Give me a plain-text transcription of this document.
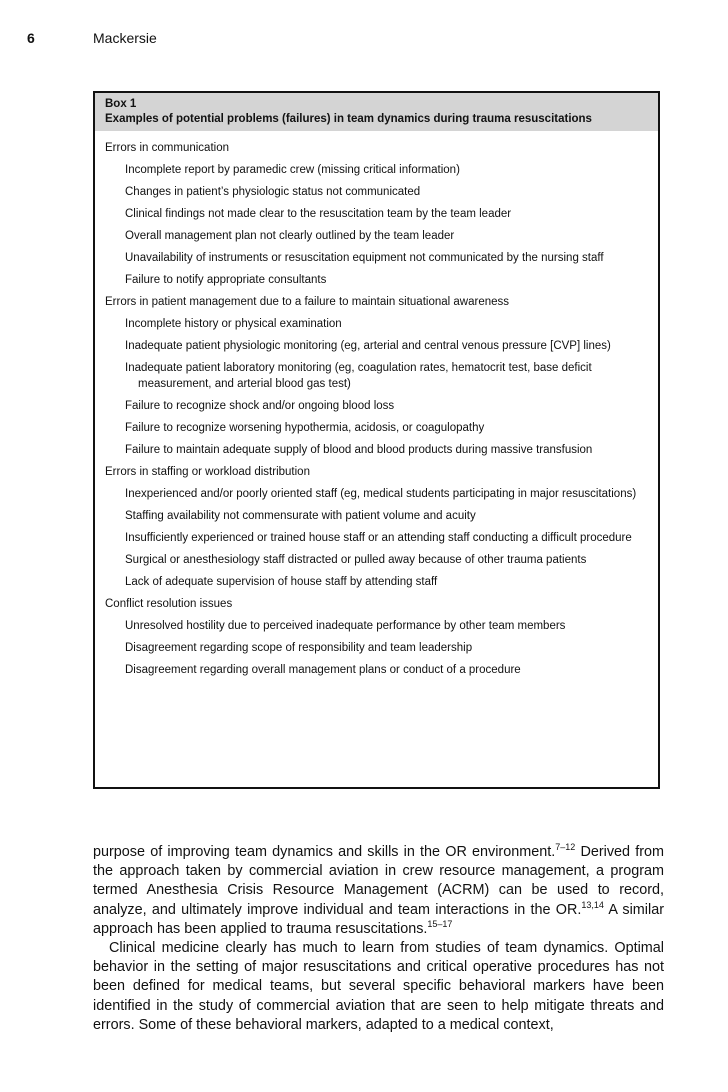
6	Mackersie
Box 1
Examples of potential problems (failures) in team dynamics during trauma resuscitations
Errors in communication
Incomplete report by paramedic crew (missing critical information)
Changes in patient’s physiologic status not communicated
Clinical findings not made clear to the resuscitation team by the team leader
Overall management plan not clearly outlined by the team leader
Unavailability of instruments or resuscitation equipment not communicated by the nursing staff
Failure to notify appropriate consultants
Errors in patient management due to a failure to maintain situational awareness
Incomplete history or physical examination
Inadequate patient physiologic monitoring (eg, arterial and central venous pressure [CVP] lines)
Inadequate patient laboratory monitoring (eg, coagulation rates, hematocrit test, base deficit measurement, and arterial blood gas test)
Failure to recognize shock and/or ongoing blood loss
Failure to recognize worsening hypothermia, acidosis, or coagulopathy
Failure to maintain adequate supply of blood and blood products during massive transfusion
Errors in staffing or workload distribution
Inexperienced and/or poorly oriented staff (eg, medical students participating in major resuscitations)
Staffing availability not commensurate with patient volume and acuity
Insufficiently experienced or trained house staff or an attending staff conducting a difficult procedure
Surgical or anesthesiology staff distracted or pulled away because of other trauma patients
Lack of adequate supervision of house staff by attending staff
Conflict resolution issues
Unresolved hostility due to perceived inadequate performance by other team members
Disagreement regarding scope of responsibility and team leadership
Disagreement regarding overall management plans or conduct of a procedure

purpose of improving team dynamics and skills in the OR environment.$^{7-12}$ Derived from the approach taken by commercial aviation in crew resource management, a program termed Anesthesia Crisis Resource Management (ACRM) can be used to record, analyze, and ultimately improve individual and team interactions in the OR.$^{13,14}$ A similar approach has been applied to trauma resuscitations.$^{15-17}$

Clinical medicine clearly has much to learn from studies of team dynamics. Optimal behavior in the setting of major resuscitations and critical operative procedures has not been defined for medical teams, but several specific behavioral markers have been identified in the study of commercial aviation that are seen to help mitigate threats and errors. Some of these behavioral markers, adapted to a medical context,
